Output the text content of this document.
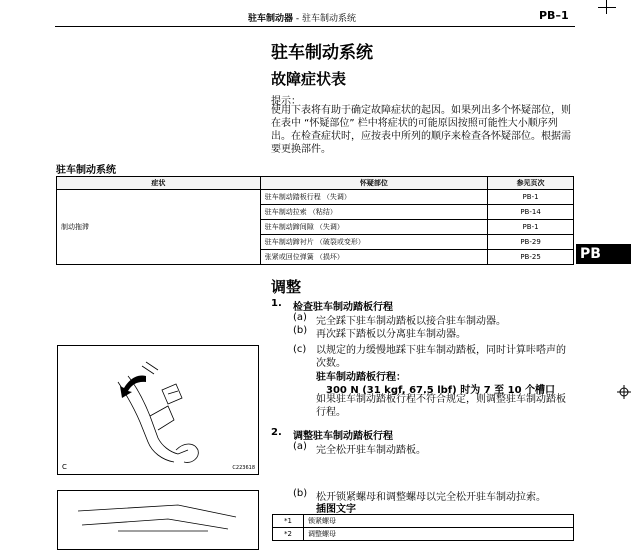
驻车制动器 - 驻车制动系统	PB–1
驻车制动系统
故障症状表
提示：
使用下表将有助于确定故障症状的起因。如果列出多个怀疑部位，则在表中 “怀疑部位” 栏中将症状的可能原因按照可能性大小顺序列出。在检查症状时，应按表中所列的顺序来检查各怀疑部位。根据需要更换部件。
驻车制动系统
症状	怀疑部位	参见页次
制动拖滞	驻车制动踏板行程 （失调）	PB-1
	驻车制动拉索 （粘结）	PB-14
	驻车制动蹄间隙 （失调）	PB-1
	驻车制动蹄衬片 （破裂或变形）	PB-29
	张紧或回位弹簧 （损坏）	PB-25	PB
调整
1. 检查驻车制动踏板行程
(a) 完全踩下驻车制动踏板以接合驻车制动器。
(b) 再次踩下踏板以分离驻车制动器。
(c) 以规定的力缓慢地踩下驻车制动踏板，同时计算咔嗒声的次数。
驻车制动踏板行程：
300 N (31 kgf, 67.5 lbf) 时为 7 至 10 个槽口
如果驻车制动踏板行程不符合规定，则调整驻车制动踏板行程。
2. 调整驻车制动踏板行程
(a) 完全松开驻车制动踏板。
(b) 松开锁紧螺母和调整螺母以完全松开驻车制动拉索。
插图文字
*1	锁紧螺母
*2	调整螺母
C	C223618
